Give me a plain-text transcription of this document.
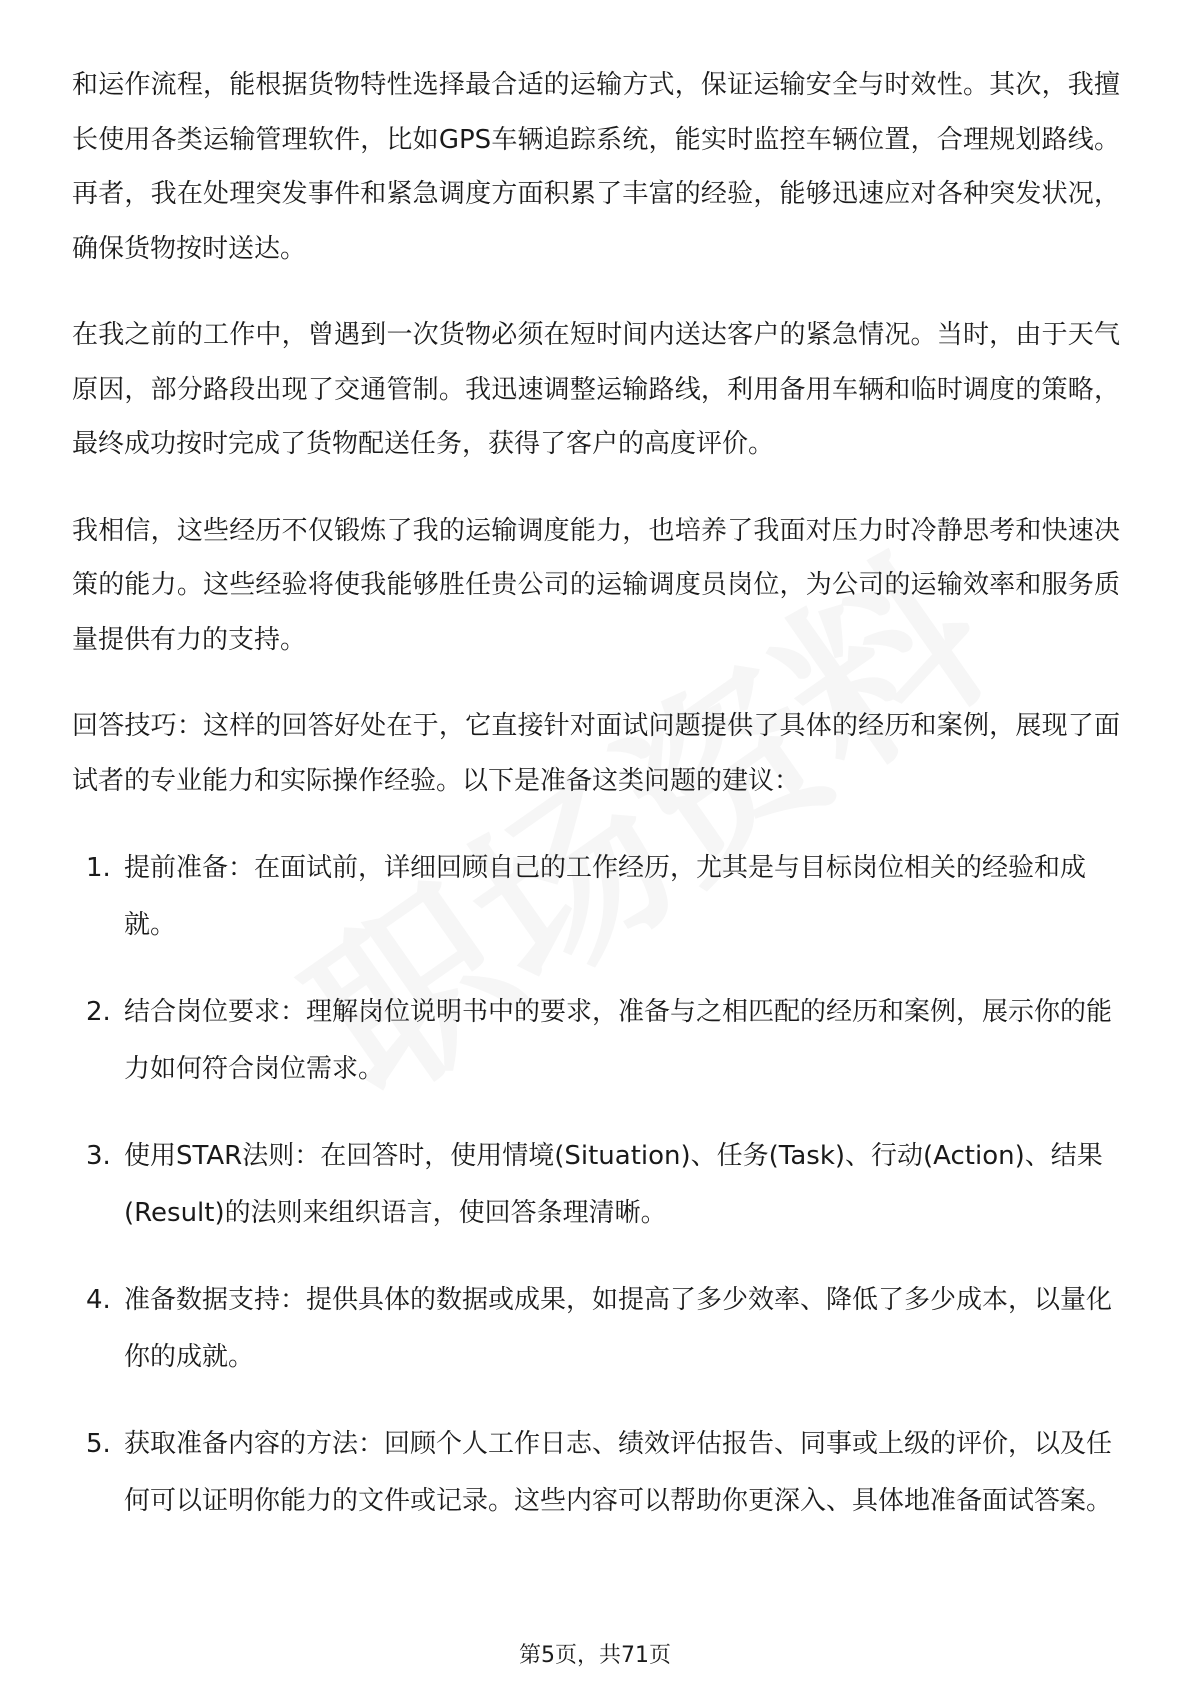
和运作流程，能根据货物特性选择最合适的运输方式，保证运输安全与时效性。其次，我擅长使用各类运输管理软件，比如GPS车辆追踪系统，能实时监控车辆位置，合理规划路线。再者，我在处理突发事件和紧急调度方面积累了丰富的经验，能够迅速应对各种突发状况，确保货物按时送达。

在我之前的工作中，曾遇到一次货物必须在短时间内送达客户的紧急情况。当时，由于天气原因，部分路段出现了交通管制。我迅速调整运输路线，利用备用车辆和临时调度的策略，最终成功按时完成了货物配送任务，获得了客户的高度评价。

我相信，这些经历不仅锻炼了我的运输调度能力，也培养了我面对压力时冷静思考和快速决策的能力。这些经验将使我能够胜任贵公司的运输调度员岗位，为公司的运输效率和服务质量提供有力的支持。

回答技巧：这样的回答好处在于，它直接针对面试问题提供了具体的经历和案例，展现了面试者的专业能力和实际操作经验。以下是准备这类问题的建议：

1. 提前准备：在面试前，详细回顾自己的工作经历，尤其是与目标岗位相关的经验和成就。
2. 结合岗位要求：理解岗位说明书中的要求，准备与之相匹配的经历和案例，展示你的能力如何符合岗位需求。
3. 使用STAR法则：在回答时，使用情境(Situation)、任务(Task)、行动(Action)、结果(Result)的法则来组织语言，使回答条理清晰。
4. 准备数据支持：提供具体的数据或成果，如提高了多少效率、降低了多少成本，以量化你的成就。
5. 获取准备内容的方法：回顾个人工作日志、绩效评估报告、同事或上级的评价，以及任何可以证明你能力的文件或记录。这些内容可以帮助你更深入、具体地准备面试答案。
第5页，共71页
